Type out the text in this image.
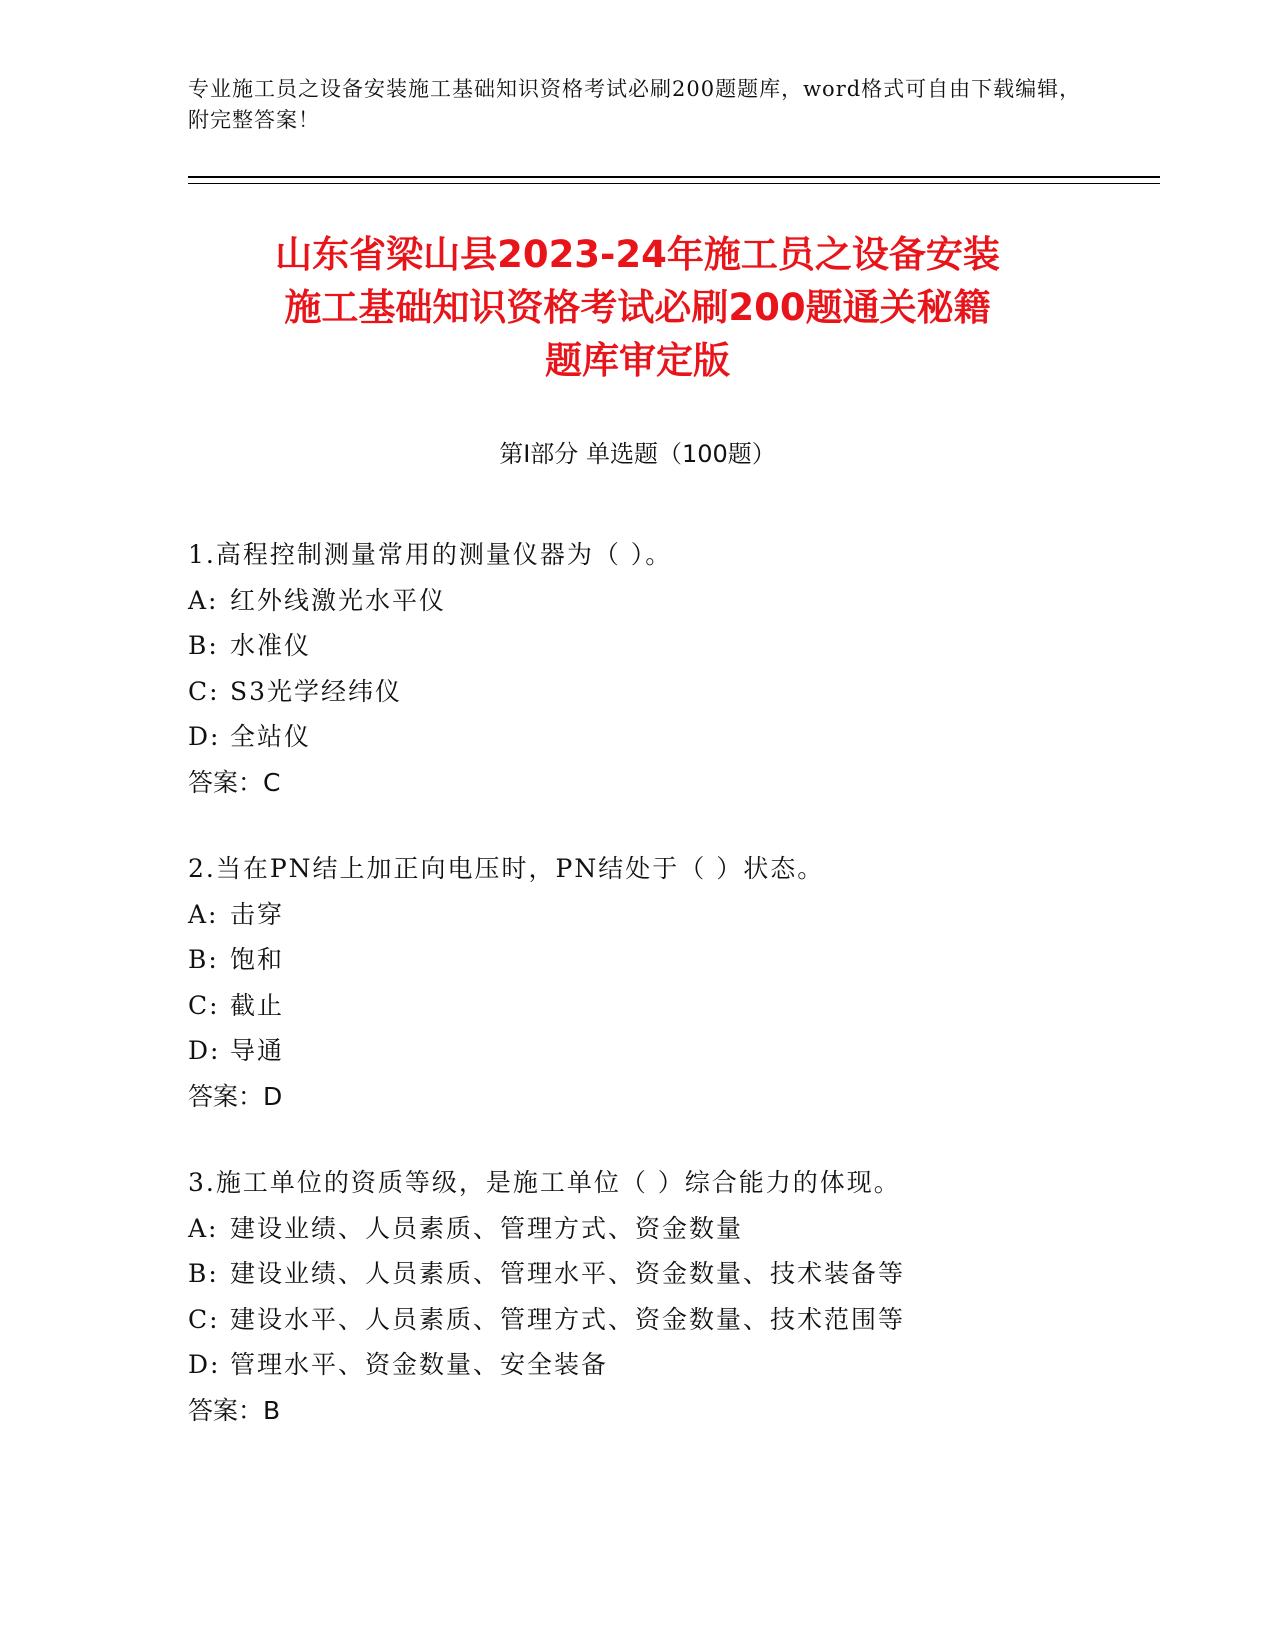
专业施工员之设备安装施工基础知识资格考试必刷200题题库，word格式可自由下载编辑，附完整答案！
山东省梁山县2023-24年施工员之设备安装
施工基础知识资格考试必刷200题通关秘籍
题库审定版
第Ⅰ部分 单选题（100题）
1.高程控制测量常用的测量仪器为（ ）。
A: 红外线激光水平仪
B: 水准仪
C: S3光学经纬仪
D: 全站仪
答案：C
2.当在PN结上加正向电压时，PN结处于（ ）状态。
A: 击穿
B: 饱和
C: 截止
D: 导通
答案：D
3.施工单位的资质等级，是施工单位（ ）综合能力的体现。
A: 建设业绩、人员素质、管理方式、资金数量
B: 建设业绩、人员素质、管理水平、资金数量、技术装备等
C: 建设水平、人员素质、管理方式、资金数量、技术范围等
D: 管理水平、资金数量、安全装备
答案：B
